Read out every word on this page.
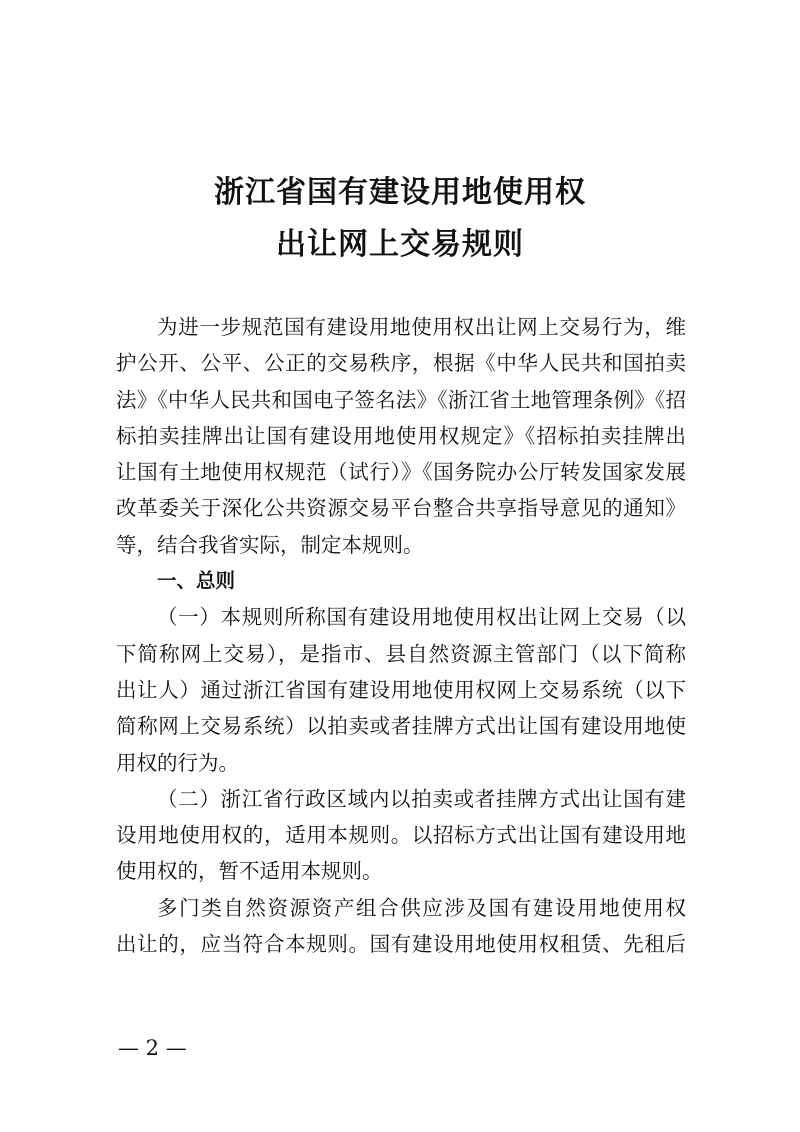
浙江省国有建设用地使用权
出让网上交易规则
为进一步规范国有建设用地使用权出让网上交易行为，维
护公开、公平、公正的交易秩序，根据《中华人民共和国拍卖
法》《中华人民共和国电子签名法》《浙江省土地管理条例》《招
标拍卖挂牌出让国有建设用地使用权规定》《招标拍卖挂牌出
让国有土地使用权规范（试行）》《国务院办公厅转发国家发展
改革委关于深化公共资源交易平台整合共享指导意见的通知》
等，结合我省实际，制定本规则。
一、总则
（一）本规则所称国有建设用地使用权出让网上交易（以
下简称网上交易），是指市、县自然资源主管部门（以下简称
出让人）通过浙江省国有建设用地使用权网上交易系统（以下
简称网上交易系统）以拍卖或者挂牌方式出让国有建设用地使
用权的行为。
（二）浙江省行政区域内以拍卖或者挂牌方式出让国有建
设用地使用权的，适用本规则。以招标方式出让国有建设用地
使用权的，暂不适用本规则。
多门类自然资源资产组合供应涉及国有建设用地使用权
出让的，应当符合本规则。国有建设用地使用权租赁、先租后
— 2 —
